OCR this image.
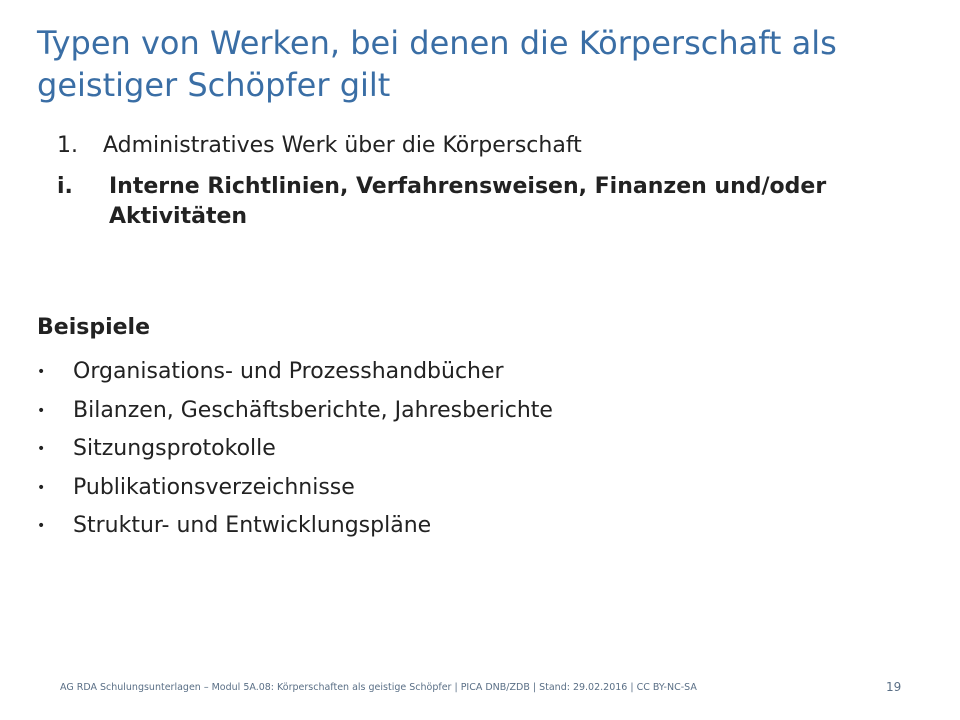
Typen von Werken, bei denen die Körperschaft als geistiger Schöpfer gilt
1.	Administratives Werk über die Körperschaft
i.	Interne Richtlinien, Verfahrensweisen, Finanzen und/oder Aktivitäten
Beispiele
•	Organisations- und Prozesshandbücher
•	Bilanzen, Geschäftsberichte, Jahresberichte
•	Sitzungsprotokolle
•	Publikationsverzeichnisse
•	Struktur- und Entwicklungspläne
AG RDA Schulungsunterlagen – Modul 5A.08: Körperschaften als geistige Schöpfer | PICA DNB/ZDB | Stand: 29.02.2016 | CC BY-NC-SA	19
